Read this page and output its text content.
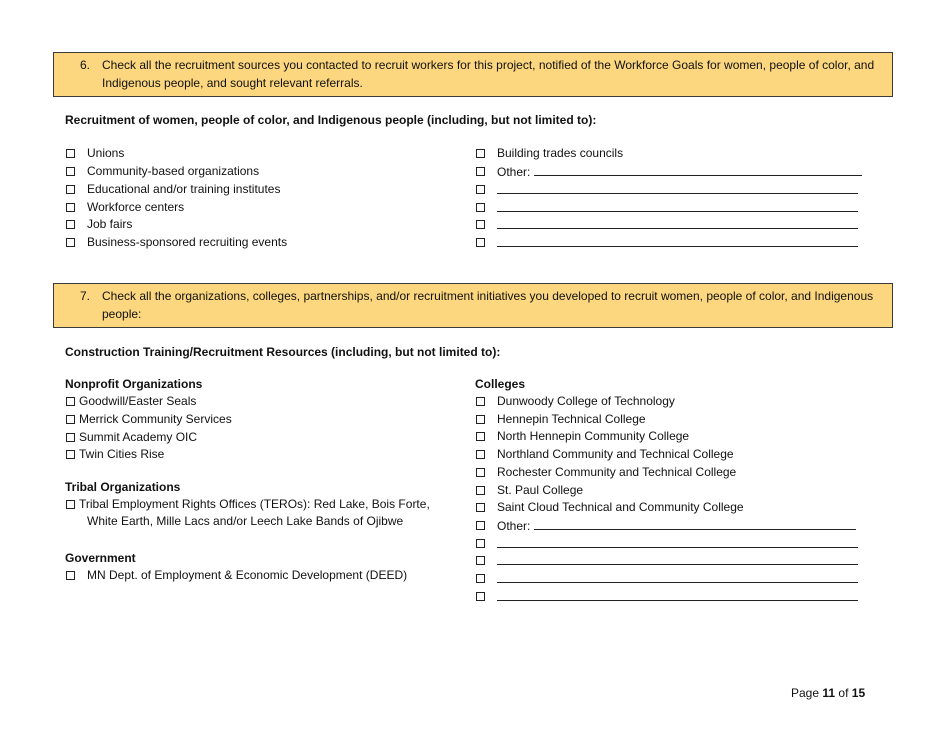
6. Check all the recruitment sources you contacted to recruit workers for this project, notified of the Workforce Goals for women, people of color, and Indigenous people, and sought relevant referrals.
Recruitment of women, people of color, and Indigenous people (including, but not limited to):
Unions
Community-based organizations
Educational and/or training institutes
Workforce centers
Job fairs
Business-sponsored recruiting events
Building trades councils
Other:
7. Check all the organizations, colleges, partnerships, and/or recruitment initiatives you developed to recruit women, people of color, and Indigenous people:
Construction Training/Recruitment Resources (including, but not limited to):
Nonprofit Organizations
Goodwill/Easter Seals
Merrick Community Services
Summit Academy OIC
Twin Cities Rise
Tribal Organizations
Tribal Employment Rights Offices (TEROs): Red Lake, Bois Forte,
White Earth, Mille Lacs and/or Leech Lake Bands of Ojibwe
Government
MN Dept. of Employment & Economic Development (DEED)
Colleges
Dunwoody College of Technology
Hennepin Technical College
North Hennepin Community College
Northland Community and Technical College
Rochester Community and Technical College
St. Paul College
Saint Cloud Technical and Community College
Other:
Page 11 of 15
